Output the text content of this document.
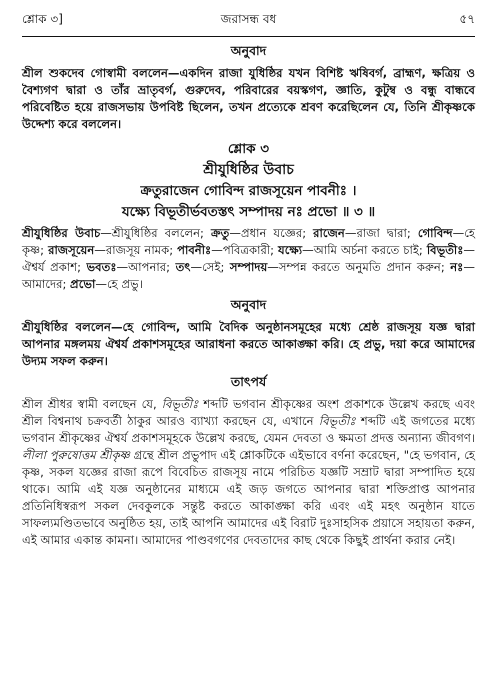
শ্লোক ৩]	জরাসন্ধ বধ	৫৭
অনুবাদ

শ্রীল শুকদেব গোস্বামী বললেন—একদিন রাজা যুধিষ্ঠির যখন বিশিষ্ট ঋষিবর্গ, ব্রাহ্মণ, ক্ষত্রিয় ও বৈশ্যগণ দ্বারা ও তাঁর ভ্রাতৃবর্গ, গুরুদেব, পরিবারের বয়স্কগণ, জ্ঞাতি, কুটুম্ব ও বন্ধু বান্ধবে পরিবেষ্টিত হয়ে রাজসভায় উপবিষ্ট ছিলেন, তখন প্রত্যেকে শ্রবণ করেছিলেন যে, তিনি শ্রীকৃষ্ণকে উদ্দেশ্য করে বললেন।

শ্লোক ৩
শ্রীযুধিষ্ঠির উবাচ
ক্রতুরাজেন গোবিন্দ রাজসূয়েন পাবনীঃ ।
যক্ষ্যে বিভূতীর্ভবতস্তৎ সম্পাদয় নঃ প্রভো ॥ ৩ ॥

শ্রীযুধিষ্ঠির উবাচ—শ্রীযুধিষ্ঠির বললেন; ক্রতু—প্রধান যজ্ঞের; রাজেন—রাজা দ্বারা; গোবিন্দ—হে কৃষ্ণ; রাজসূয়েন—রাজসূয় নামক; পাবনীঃ—পবিত্রকারী; যক্ষ্যে—আমি অর্চনা করতে চাই; বিভূতীঃ—ঐশ্বর্য প্রকাশ; ভবতঃ—আপনার; তৎ—সেই; সম্পাদয়—সম্পন্ন করতে অনুমতি প্রদান করুন; নঃ—আমাদের; প্রভো—হে প্রভু।

অনুবাদ

শ্রীযুধিষ্ঠির বললেন—হে গোবিন্দ, আমি বৈদিক অনুষ্ঠানসমূহের মধ্যে শ্রেষ্ঠ রাজসূয় যজ্ঞ দ্বারা আপনার মঙ্গলময় ঐশ্বর্য প্রকাশসমূহের আরাধনা করতে আকাঙ্ক্ষা করি। হে প্রভু, দয়া করে আমাদের উদ্যম সফল করুন।

তাৎপর্য

শ্রীল শ্রীধর স্বামী বলছেন যে, বিভূতীঃ শব্দটি ভগবান শ্রীকৃষ্ণের অংশ প্রকাশকে উল্লেখ করছে এবং শ্রীল বিশ্বনাথ চক্রবর্তী ঠাকুর আরও ব্যাখ্যা করছেন যে, এখানে বিভূতীঃ শব্দটি এই জগতের মধ্যে ভগবান শ্রীকৃষ্ণের ঐশ্বর্য প্রকাশসমূহকে উল্লেখ করছে, যেমন দেবতা ও ক্ষমতা প্রদত্ত অন্যান্য জীবগণ। লীলা পুরুষোত্তম শ্রীকৃষ্ণ গ্রন্থে শ্রীল প্রভুপাদ এই শ্লোকটিকে এইভাবে বর্ণনা করেছেন, "হে ভগবান, হে কৃষ্ণ, সকল যজ্ঞের রাজা রূপে বিবেচিত রাজসূয় নামে পরিচিত যজ্ঞটি সম্রাট দ্বারা সম্পাদিত হয়ে থাকে। আমি এই যজ্ঞ অনুষ্ঠানের মাধ্যমে এই জড় জগতে আপনার দ্বারা শক্তিপ্রাপ্ত আপনার প্রতিনিধিস্বরূপ সকল দেবকুলকে সন্তুষ্ট করতে আকাঙ্ক্ষা করি এবং এই মহৎ অনুষ্ঠান যাতে সাফল্যমণ্ডিতভাবে অনুষ্ঠিত হয়, তাই আপনি আমাদের এই বিরাট দুঃসাহসিক প্রয়াসে সহায়তা করুন, এই আমার একান্ত কামনা। আমাদের পাণ্ডবগণের দেবতাদের কাছ থেকে কিছুই প্রার্থনা করার নেই।
